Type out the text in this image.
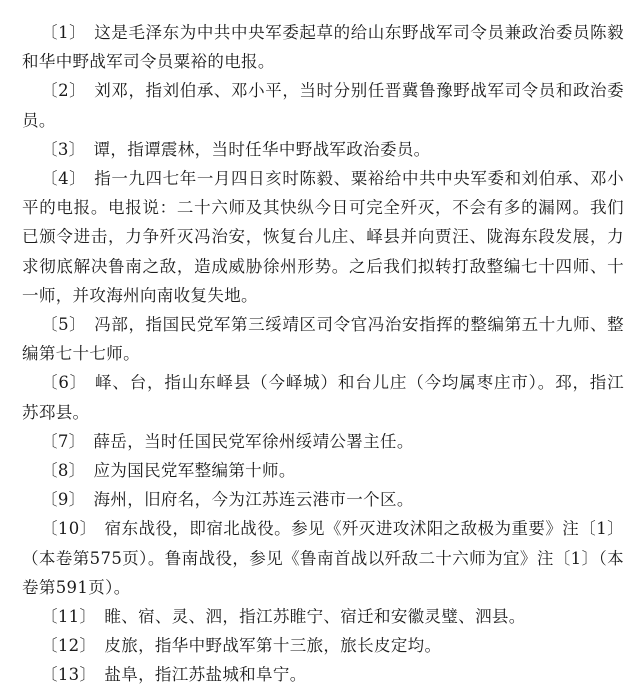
〔1〕 这是毛泽东为中共中央军委起草的给山东野战军司令员兼政治委员陈毅和华中野战军司令员粟裕的电报。

〔2〕 刘邓，指刘伯承、邓小平，当时分别任晋冀鲁豫野战军司令员和政治委员。

〔3〕 谭，指谭震林，当时任华中野战军政治委员。

〔4〕 指一九四七年一月四日亥时陈毅、粟裕给中共中央军委和刘伯承、邓小平的电报。电报说：二十六师及其快纵今日可完全歼灭，不会有多的漏网。我们已颁令进击，力争歼灭冯治安，恢复台儿庄、峄县并向贾汪、陇海东段发展，力求彻底解决鲁南之敌，造成威胁徐州形势。之后我们拟转打敌整编七十四师、十一师，并攻海州向南收复失地。

〔5〕 冯部，指国民党军第三绥靖区司令官冯治安指挥的整编第五十九师、整编第七十七师。

〔6〕 峄、台，指山东峄县（今峄城）和台儿庄（今均属枣庄市）。邳，指江苏邳县。

〔7〕 薛岳，当时任国民党军徐州绥靖公署主任。

〔8〕 应为国民党军整编第十师。

〔9〕 海州，旧府名，今为江苏连云港市一个区。

〔10〕 宿东战役，即宿北战役。参见《歼灭进攻沭阳之敌极为重要》注〔1〕（本卷第575页）。鲁南战役，参见《鲁南首战以歼敌二十六师为宜》注〔1〕（本卷第591页）。

〔11〕 睢、宿、灵、泗，指江苏睢宁、宿迁和安徽灵璧、泗县。

〔12〕 皮旅，指华中野战军第十三旅，旅长皮定均。

〔13〕 盐阜，指江苏盐城和阜宁。
